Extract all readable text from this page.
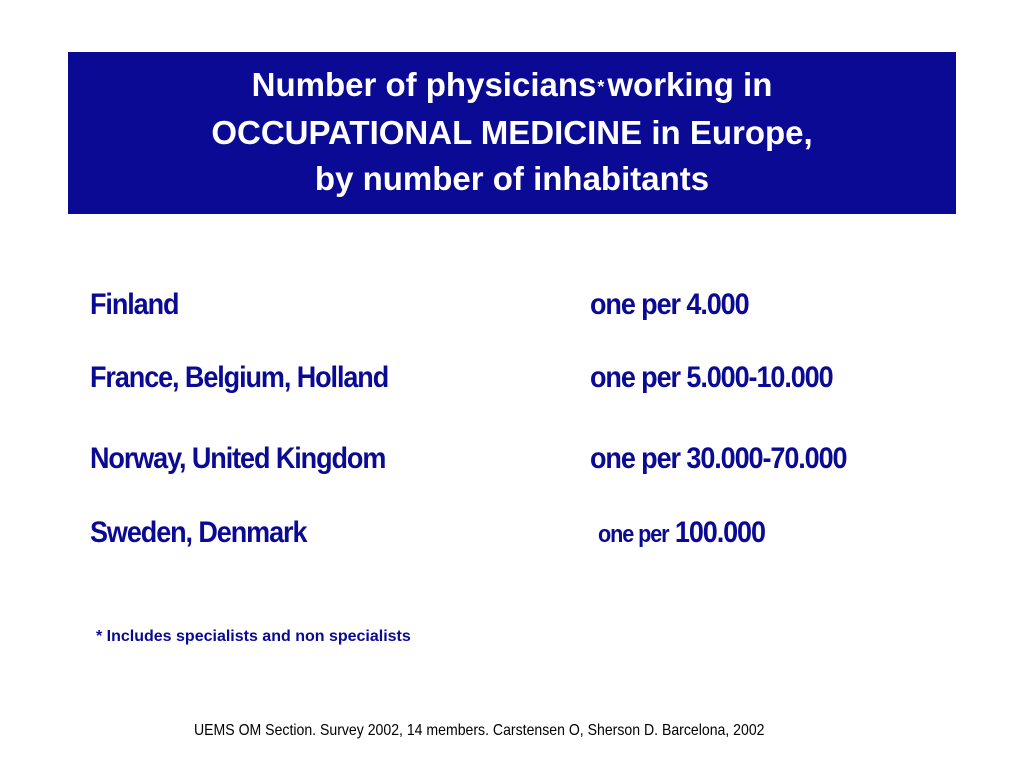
Number of physicians*working in
OCCUPATIONAL MEDICINE in Europe,
by number of inhabitants
Finland	one per 4.000
France, Belgium, Holland	one per 5.000-10.000
Norway, United Kingdom	one per 30.000-70.000
Sweden, Denmark	one per 100.000
* Includes specialists and non specialists
UEMS OM Section. Survey 2002, 14 members. Carstensen O, Sherson D. Barcelona, 2002
